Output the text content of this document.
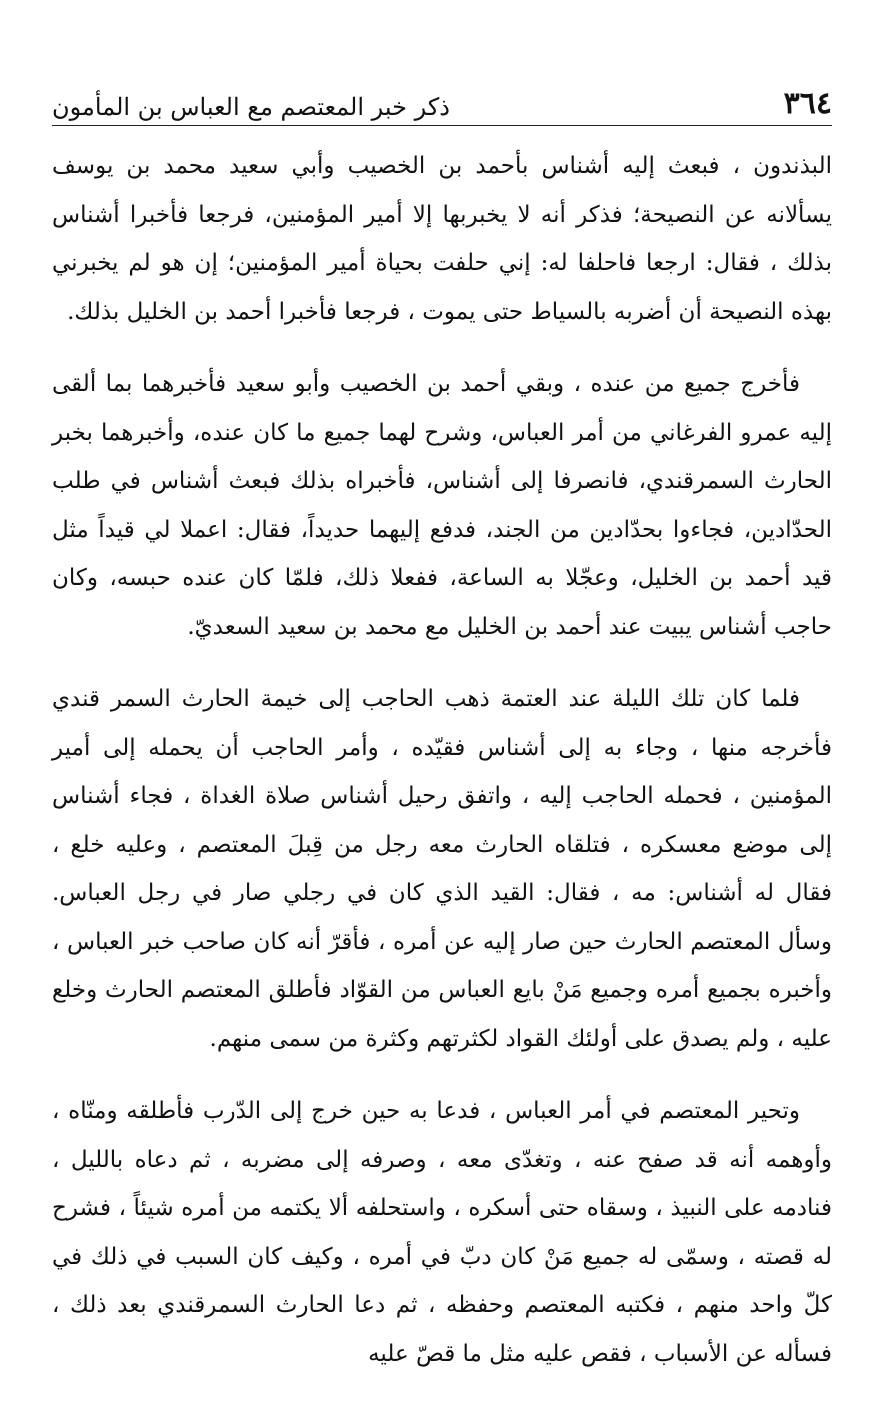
٣٦٤
ذكر خبر المعتصم مع العباس بن المأمون

البذندون ، فبعث إليه أشناس بأحمد بن الخصيب وأبي سعيد محمد بن يوسف يسألانه عن النصيحة؛ فذكر أنه لا يخبربها إلا أمير المؤمنين، فرجعا فأخبرا أشناس بذلك ، فقال: ارجعا فاحلفا له: إني حلفت بحياة أمير المؤمنين؛ إن هو لم يخبرني بهذه النصيحة أن أضربه بالسياط حتى يموت ، فرجعا فأخبرا أحمد بن الخليل بذلك.

فأخرج جميع من عنده ، وبقي أحمد بن الخصيب وأبو سعيد فأخبرهما بما ألقى إليه عمرو الفرغاني من أمر العباس، وشرح لهما جميع ما كان عنده، وأخبرهما بخبر الحارث السمرقندي، فانصرفا إلى أشناس، فأخبراه بذلك فبعث أشناس في طلب الحدّادين، فجاءوا بحدّادين من الجند، فدفع إليهما حديداً، فقال: اعملا لي قيداً مثل قيد أحمد بن الخليل، وعجّلا به الساعة، ففعلا ذلك، فلمّا كان عنده حبسه، وكان حاجب أشناس يبيت عند أحمد بن الخليل مع محمد بن سعيد السعديّ.

فلما كان تلك الليلة عند العتمة ذهب الحاجب إلى خيمة الحارث السمر قندي فأخرجه منها ، وجاء به إلى أشناس فقيّده ، وأمر الحاجب أن يحمله إلى أمير المؤمنين ، فحمله الحاجب إليه ، واتفق رحيل أشناس صلاة الغداة ، فجاء أشناس إلى موضع معسكره ، فتلقاه الحارث معه رجل من قِبلَ المعتصم ، وعليه خلع ، فقال له أشناس: مه ، فقال: القيد الذي كان في رجلي صار في رجل العباس. وسأل المعتصم الحارث حين صار إليه عن أمره ، فأقرّ أنه كان صاحب خبر العباس ، وأخبره بجميع أمره وجميع مَنْ بايع العباس من القوّاد فأطلق المعتصم الحارث وخلع عليه ، ولم يصدق على أولئك القواد لكثرتهم وكثرة من سمى منهم.

وتحير المعتصم في أمر العباس ، فدعا به حين خرج إلى الدّرب فأطلقه ومنّاه ، وأوهمه أنه قد صفح عنه ، وتغدّى معه ، وصرفه إلى مضربه ، ثم دعاه بالليل ، فنادمه على النبيذ ، وسقاه حتى أسكره ، واستحلفه ألا يكتمه من أمره شيئاً ، فشرح له قصته ، وسمّى له جميع مَنْ كان دبّ في أمره ، وكيف كان السبب في ذلك في كلّ واحد منهم ، فكتبه المعتصم وحفظه ، ثم دعا الحارث السمرقندي بعد ذلك ، فسأله عن الأسباب ، فقص عليه مثل ما قصّ عليه
